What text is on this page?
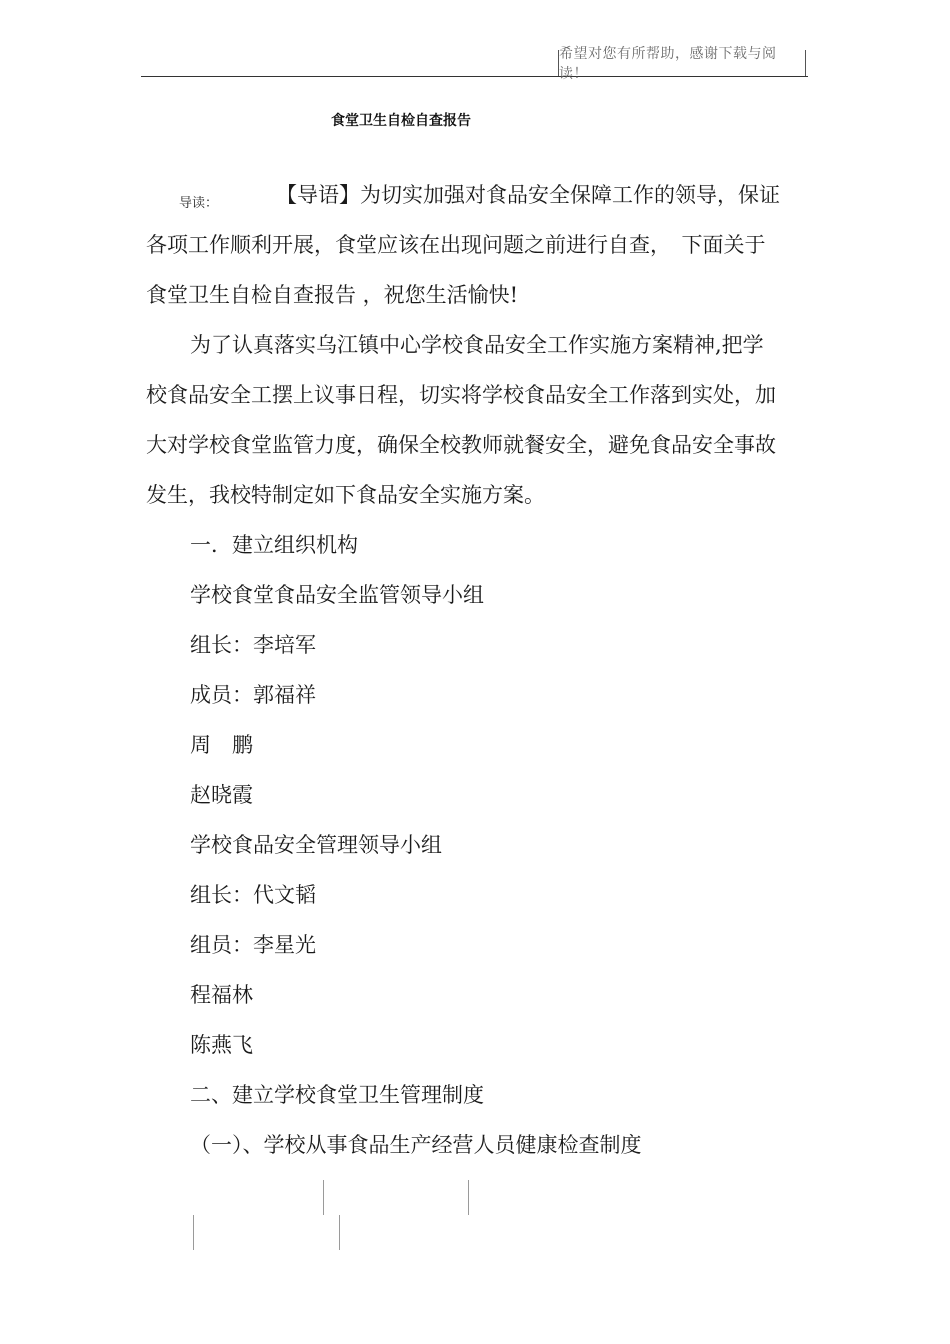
希望对您有所帮助，感谢下载与阅读！
食堂卫生自检自查报告
导读：	【导语】为切实加强对食品安全保障工作的领导，保证
各项工作顺利开展，食堂应该在出现问题之前进行自查，　下面关于
食堂卫生自检自查报告 ，祝您生活愉快!
为了认真落实乌江镇中心学校食品安全工作实施方案精神,把学
校食品安全工摆上议事日程，切实将学校食品安全工作落到实处，加
大对学校食堂监管力度，确保全校教师就餐安全，避免食品安全事故
发生，我校特制定如下食品安全实施方案。
一．建立组织机构
学校食堂食品安全监管领导小组
组长：李培军
成员：郭福祥
周　鹏
赵晓霞
学校食品安全管理领导小组
组长：代文韬
组员：李星光
程福林
陈燕飞
二、建立学校食堂卫生管理制度
（一）、学校从事食品生产经营人员健康检查制度
